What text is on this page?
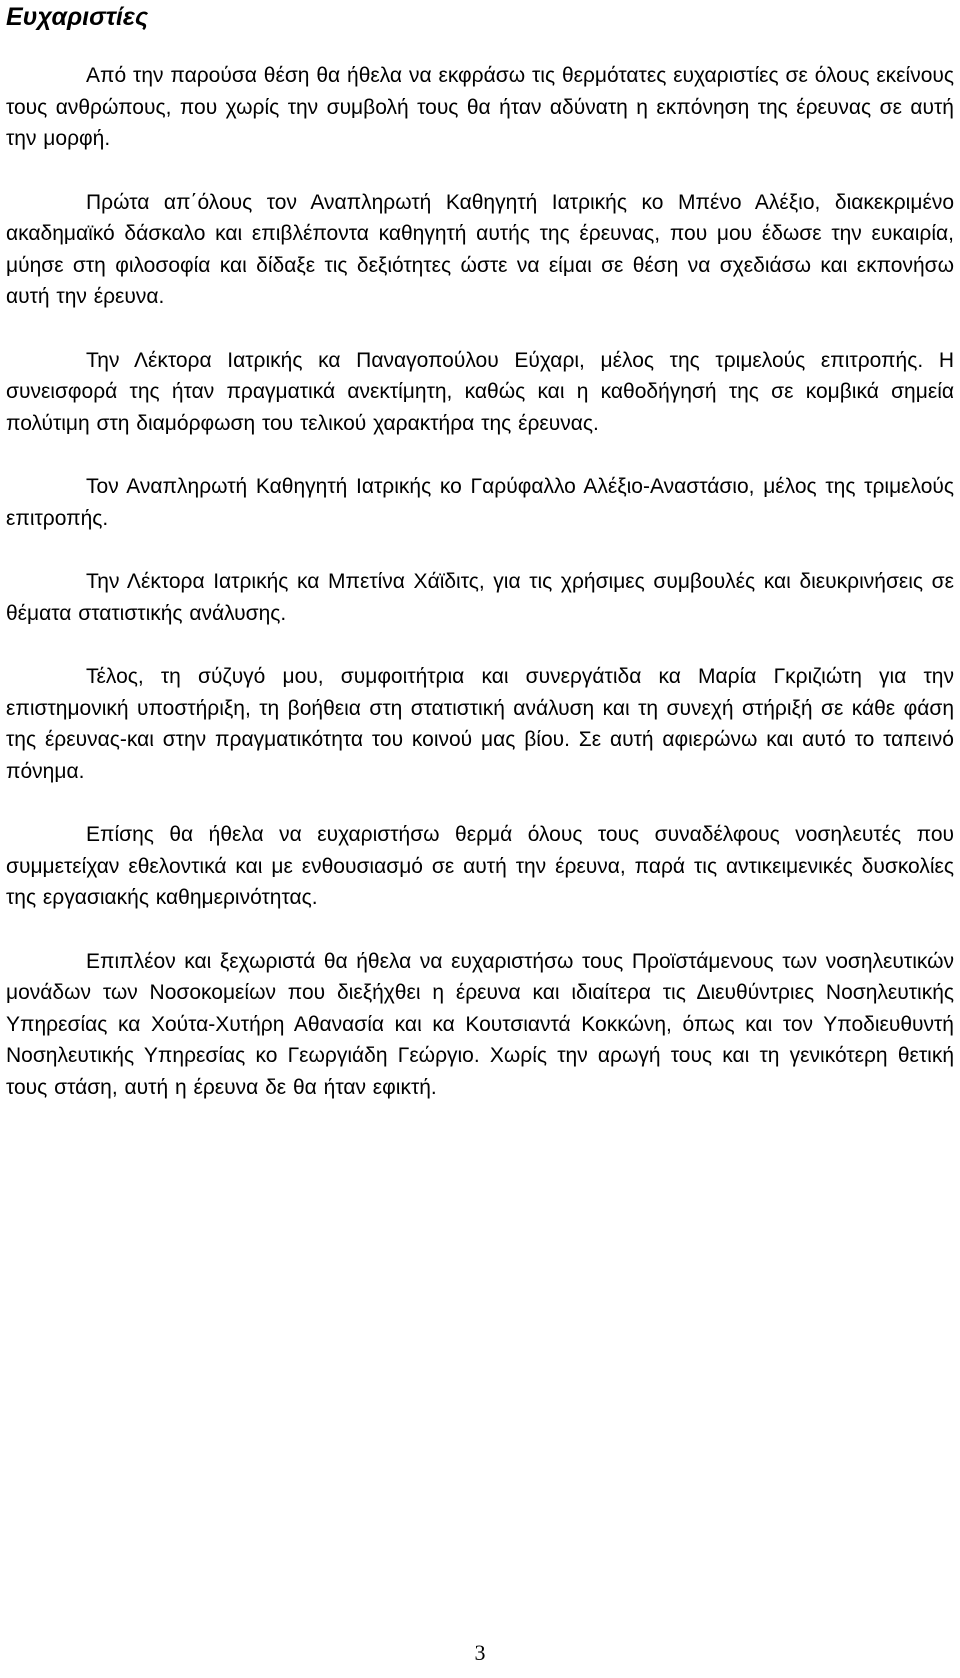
Ευχαριστίες

Από την παρούσα θέση θα ήθελα να εκφράσω τις θερμότατες ευχαριστίες σε όλους εκείνους τους ανθρώπους, που χωρίς την συμβολή τους θα ήταν αδύνατη η εκπόνηση της έρευνας σε αυτή την μορφή.

Πρώτα απ΄όλους τον Αναπληρωτή Καθηγητή Ιατρικής κο Μπένο Αλέξιο, διακεκριμένο ακαδημαϊκό δάσκαλο και επιβλέποντα καθηγητή αυτής της έρευνας, που μου έδωσε την ευκαιρία, μύησε στη φιλοσοφία και δίδαξε τις δεξιότητες ώστε να είμαι σε θέση να σχεδιάσω και εκπονήσω αυτή την έρευνα.

Την Λέκτορα Ιατρικής κα Παναγοπούλου Εύχαρι, μέλος της τριμελούς επιτροπής. Η συνεισφορά της ήταν πραγματικά ανεκτίμητη, καθώς και η καθοδήγησή της σε κομβικά σημεία πολύτιμη στη διαμόρφωση του τελικού χαρακτήρα της έρευνας.

Τον Αναπληρωτή Καθηγητή Ιατρικής κο Γαρύφαλλο Αλέξιο-Αναστάσιο, μέλος της τριμελούς επιτροπής.

Την Λέκτορα Ιατρικής κα Μπετίνα Χάϊδιτς, για τις χρήσιμες συμβουλές και διευκρινήσεις σε θέματα στατιστικής ανάλυσης.

Τέλος, τη σύζυγό μου, συμφοιτήτρια και συνεργάτιδα κα Μαρία Γκριζιώτη για την επιστημονική υποστήριξη, τη βοήθεια στη στατιστική ανάλυση και τη συνεχή στήριξή σε κάθε φάση της έρευνας-και στην πραγματικότητα του κοινού μας βίου. Σε αυτή αφιερώνω και αυτό το ταπεινό πόνημα.

Επίσης θα ήθελα να ευχαριστήσω θερμά όλους τους συναδέλφους νοσηλευτές που συμμετείχαν εθελοντικά και με ενθουσιασμό σε αυτή την έρευνα, παρά τις αντικειμενικές δυσκολίες της εργασιακής καθημερινότητας.

Επιπλέον και ξεχωριστά θα ήθελα να ευχαριστήσω τους Προϊστάμενους των νοσηλευτικών μονάδων των Νοσοκομείων που διεξήχθει η έρευνα και ιδιαίτερα τις Διευθύντριες Νοσηλευτικής Υπηρεσίας κα Χούτα-Χυτήρη Αθανασία και κα Κουτσιαντά Κοκκώνη, όπως και τον Υποδιευθυντή Νοσηλευτικής Υπηρεσίας κο Γεωργιάδη Γεώργιο. Χωρίς την αρωγή τους και τη γενικότερη θετική τους στάση, αυτή η έρευνα δε θα ήταν εφικτή.

3
